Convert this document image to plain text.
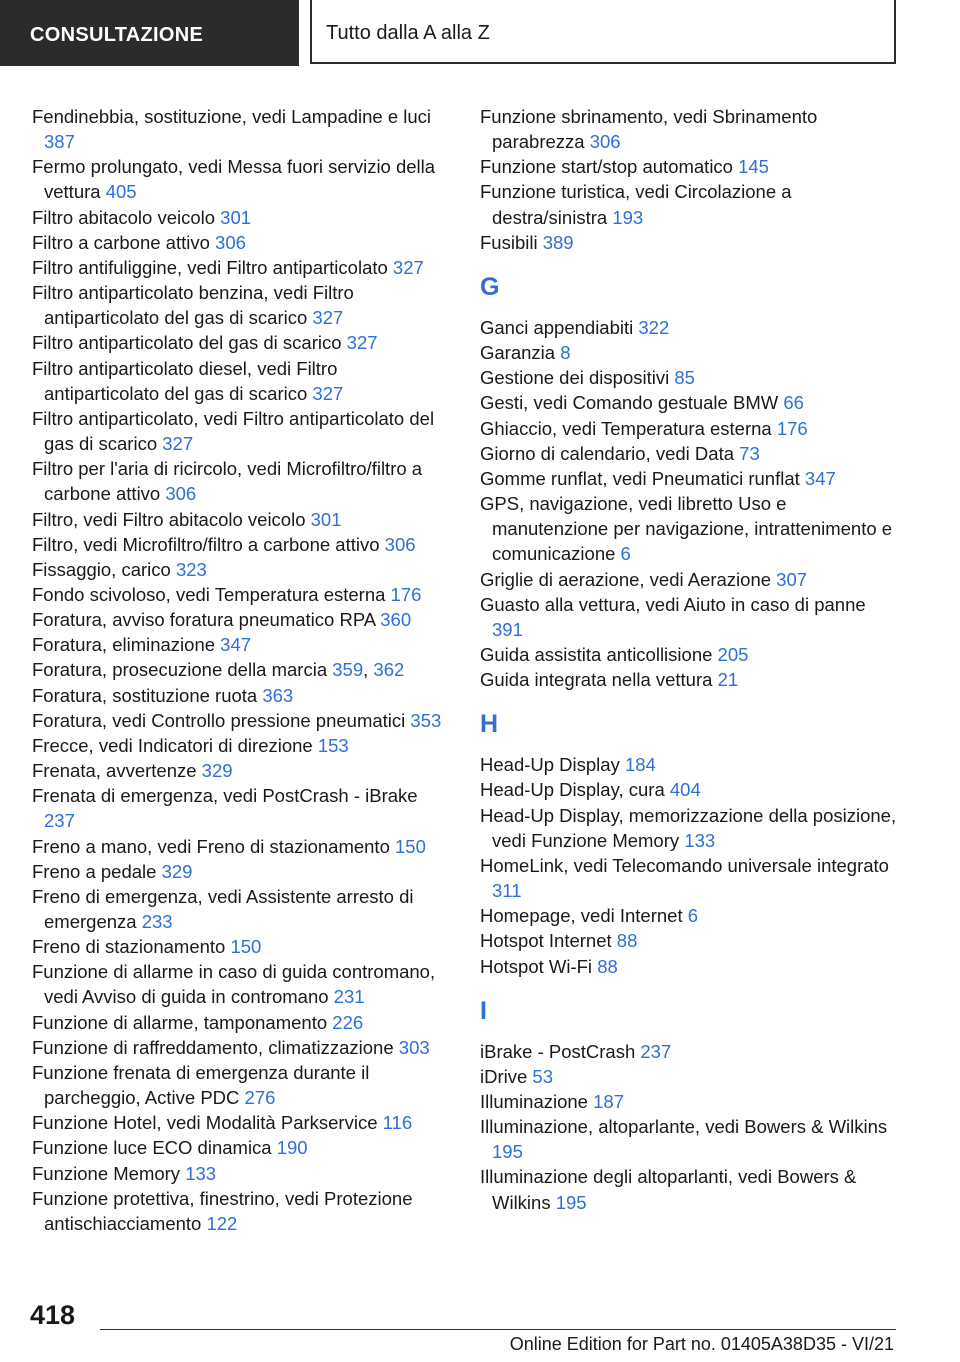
CONSULTAZIONE	Tutto dalla A alla Z

Fendinebbia, sostituzione, vedi Lampadine e luci 387

Fermo prolungato, vedi Messa fuori servizio della vettura 405

Filtro abitacolo veicolo 301

Filtro a carbone attivo 306

Filtro antifuliggine, vedi Filtro antiparticolato 327

Filtro antiparticolato benzina, vedi Filtro antiparticolato del gas di scarico 327

Filtro antiparticolato del gas di scarico 327

Filtro antiparticolato diesel, vedi Filtro antiparticolato del gas di scarico 327

Filtro antiparticolato, vedi Filtro antiparticolato del gas di scarico 327

Filtro per l'aria di ricircolo, vedi Microfiltro/filtro a carbone attivo 306

Filtro, vedi Filtro abitacolo veicolo 301

Filtro, vedi Microfiltro/filtro a carbone attivo 306

Fissaggio, carico 323

Fondo scivoloso, vedi Temperatura esterna 176

Foratura, avviso foratura pneumatico RPA 360

Foratura, eliminazione 347

Foratura, prosecuzione della marcia 359, 362

Foratura, sostituzione ruota 363

Foratura, vedi Controllo pressione pneumatici 353

Frecce, vedi Indicatori di direzione 153

Frenata, avvertenze 329

Frenata di emergenza, vedi PostCrash - iBrake 237

Freno a mano, vedi Freno di stazionamento 150

Freno a pedale 329

Freno di emergenza, vedi Assistente arresto di emergenza 233

Freno di stazionamento 150

Funzione di allarme in caso di guida contromano, vedi Avviso di guida in contromano 231

Funzione di allarme, tamponamento 226

Funzione di raffreddamento, climatizzazione 303

Funzione frenata di emergenza durante il parcheggio, Active PDC 276

Funzione Hotel, vedi Modalità Parkservice 116

Funzione luce ECO dinamica 190

Funzione Memory 133

Funzione protettiva, finestrino, vedi Protezione antischiacciamento 122

Funzione sbrinamento, vedi Sbrinamento parabrezza 306

Funzione start/stop automatico 145

Funzione turistica, vedi Circolazione a destra/sinistra 193

Fusibili 389

G

Ganci appendiabiti 322

Garanzia 8

Gestione dei dispositivi 85

Gesti, vedi Comando gestuale BMW 66

Ghiaccio, vedi Temperatura esterna 176

Giorno di calendario, vedi Data 73

Gomme runflat, vedi Pneumatici runflat 347

GPS, navigazione, vedi libretto Uso e manutenzione per navigazione, intrattenimento e comunicazione 6

Griglie di aerazione, vedi Aerazione 307

Guasto alla vettura, vedi Aiuto in caso di panne 391

Guida assistita anticollisione 205

Guida integrata nella vettura 21

H

Head-Up Display 184

Head-Up Display, cura 404

Head-Up Display, memorizzazione della posizione, vedi Funzione Memory 133

HomeLink, vedi Telecomando universale integrato 311

Homepage, vedi Internet 6

Hotspot Internet 88

Hotspot Wi-Fi 88

I

iBrake - PostCrash 237

iDrive 53

Illuminazione 187

Illuminazione, altoparlante, vedi Bowers & Wilkins 195

Illuminazione degli altoparlanti, vedi Bowers & Wilkins 195

418
Online Edition for Part no. 01405A38D35 - VI/21
